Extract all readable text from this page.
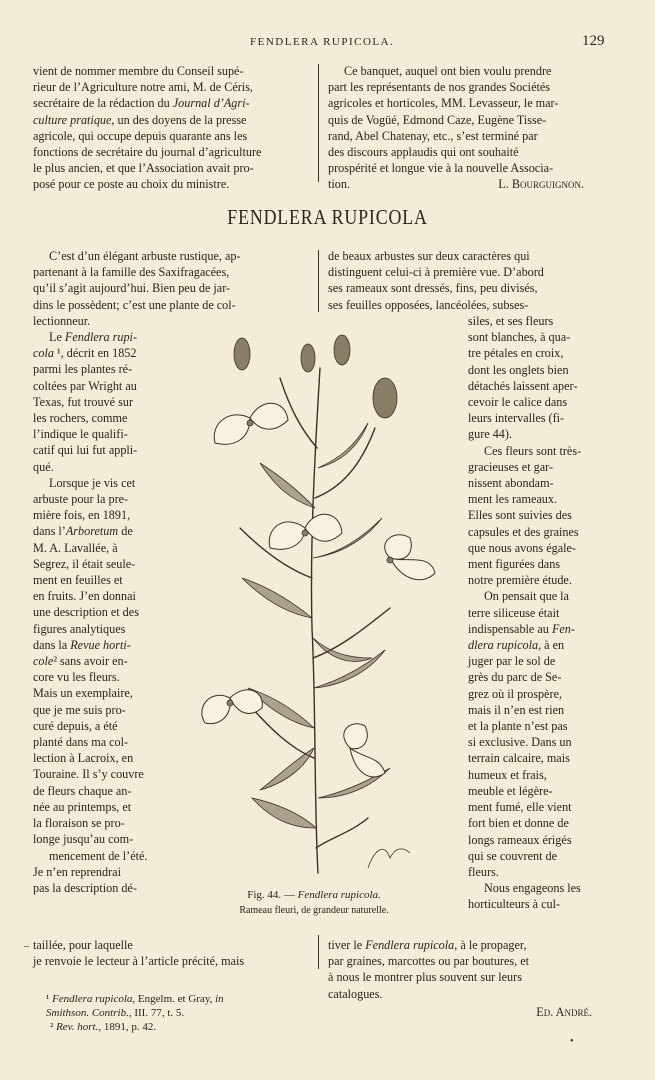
FENDLERA RUPICOLA.	129
vient de nommer membre du Conseil supé-
rieur de l’Agriculture notre ami, M. de Céris,
secrétaire de la rédaction du Journal d’Agri-
culture pratique, un des doyens de la presse
agricole, qui occupe depuis quarante ans les
fonctions de secrétaire du journal d’agriculture
le plus ancien, et que l’Association avait pro-
posé pour ce poste au choix du ministre.
Ce banquet, auquel ont bien voulu prendre
part les représentants de nos grandes Sociétés
agricoles et horticoles, MM. Levasseur, le mar-
quis de Vogüé, Edmond Caze, Eugène Tisse-
rand, Abel Chatenay, etc., s’est terminé par
des discours applaudis qui ont souhaité
prospérité et longue vie à la nouvelle Associa-
tion.	L. Bourguignon.
FENDLERA RUPICOLA
C’est d’un élégant arbuste rustique, ap-
partenant à la famille des Saxifragacées,
qu’il s’agit aujourd’hui. Bien peu de jar-
dins le possèdent; c’est une plante de col-
lectionneur.
Le Fendlera rupi-
cola ¹, décrit en 1852
parmi les plantes ré-
coltées par Wright au
Texas, fut trouvé sur
les rochers, comme
l’indique le qualifi-
catif qui lui fut appli-
qué.
Lorsque je vis cet
arbuste pour la pre-
mière fois, en 1891,
dans l’Arboretum de
M. A. Lavallée, à
Segrez, il était seule-
ment en feuilles et
en fruits. J’en donnai
une description et des
figures analytiques
dans la Revue horti-
cole² sans avoir en-
core vu les fleurs.
Mais un exemplaire,
que je me suis pro-
curé depuis, a été
planté dans ma col-
lection à Lacroix, en
Touraine. Il s’y couvre
de fleurs chaque an-
née au printemps, et
la floraison se pro-
longe jusqu’au com-
mencement de l’été.
Je n’en reprendrai
pas la description dé-
taillée, pour laquelle
je renvoie le lecteur à l’article précité, mais
–
de beaux arbustes sur deux caractères qui
distinguent celui-ci à première vue. D’abord
ses rameaux sont dressés, fins, peu divisés,
ses feuilles opposées, lancéolées, subses-
siles, et ses fleurs
sont blanches, à qua-
tre pétales en croix,
dont les onglets bien
détachés laissent aper-
cevoir le calice dans
leurs intervalles (fi-
gure 44).
Ces fleurs sont très-
gracieuses et gar-
nissent abondam-
ment les rameaux.
Elles sont suivies des
capsules et des graines
que nous avons égale-
ment figurées dans
notre première étude.
On pensait que la
terre siliceuse était
indispensable au Fen-
dlera rupicola, à en
juger par le sol de
grès du parc de Se-
grez où il prospère,
mais il n’en est rien
et la plante n’est pas
si exclusive. Dans un
terrain calcaire, mais
humeux et frais,
meuble et légère-
ment fumé, elle vient
fort bien et donne de
longs rameaux érigés
qui se couvrent de
fleurs.
Nous engageons les
horticulteurs à cul-
tiver le Fendlera rupicola, à le propager,
par graines, marcottes ou par boutures, et
à nous le montrer plus souvent sur leurs
catalogues.
Ed. André.
Fig. 44. — Fendlera rupicola.
Rameau fleuri, de grandeur naturelle.

¹ Fendlera rupicola, Engelm. et Gray, in

Smithson. Contrib., III. 77, t. 5.

² Rev. hort., 1891, p. 42.

•
